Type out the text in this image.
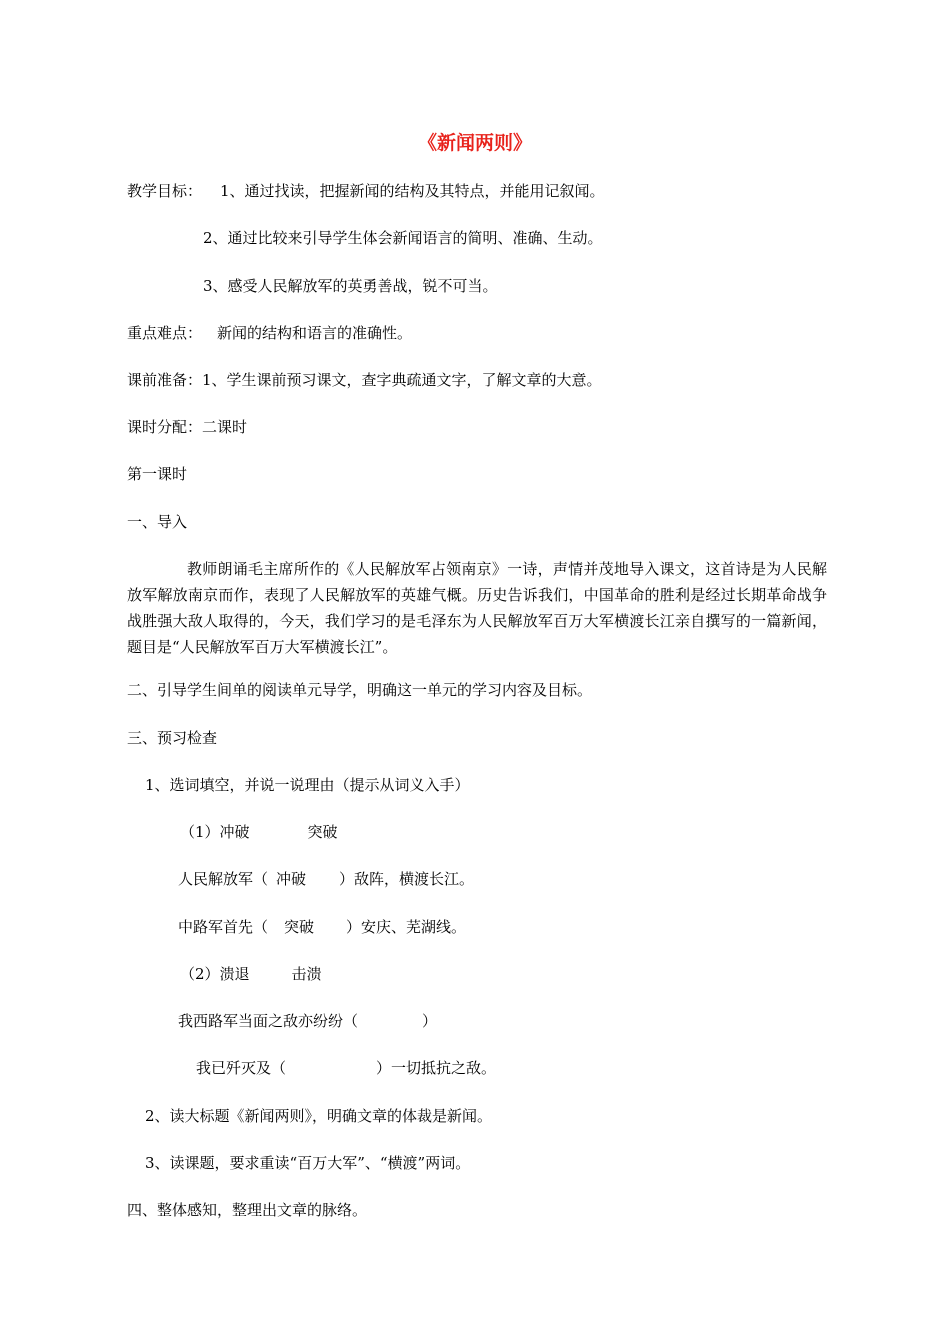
《新闻两则》
教学目标： 1、通过找读，把握新闻的结构及其特点，并能用记叙闻。
2、通过比较来引导学生体会新闻语言的简明、准确、生动。
3、感受人民解放军的英勇善战，锐不可当。
重点难点： 新闻的结构和语言的准确性。
课前准备：1、学生课前预习课文，查字典疏通文字，了解文章的大意。
课时分配：二课时
第一课时
一、导入
教师朗诵毛主席所作的《人民解放军占领南京》一诗，声情并茂地导入课文，这首诗是为人民解放军解放南京而作，表现了人民解放军的英雄气概。历史告诉我们，中国革命的胜利是经过长期革命战争战胜强大敌人取得的，今天，我们学习的是毛泽东为人民解放军百万大军横渡长江亲自撰写的一篇新闻，题目是“人民解放军百万大军横渡长江”。
二、引导学生间单的阅读单元导学，明确这一单元的学习内容及目标。
三、预习检查
1、选词填空，并说一说理由（提示从词义入手）
（1）冲破	突破
人民解放军（ 冲破 ）敌阵，横渡长江。
中路军首先（ 突破 ）安庆、芜湖线。
（2）溃退	击溃
我西路军当面之敌亦纷纷（	）
我已歼灭及（	）一切抵抗之敌。
2、读大标题《新闻两则》，明确文章的体裁是新闻。
3、读课题，要求重读“百万大军”、“横渡”两词。
四、整体感知，整理出文章的脉络。
